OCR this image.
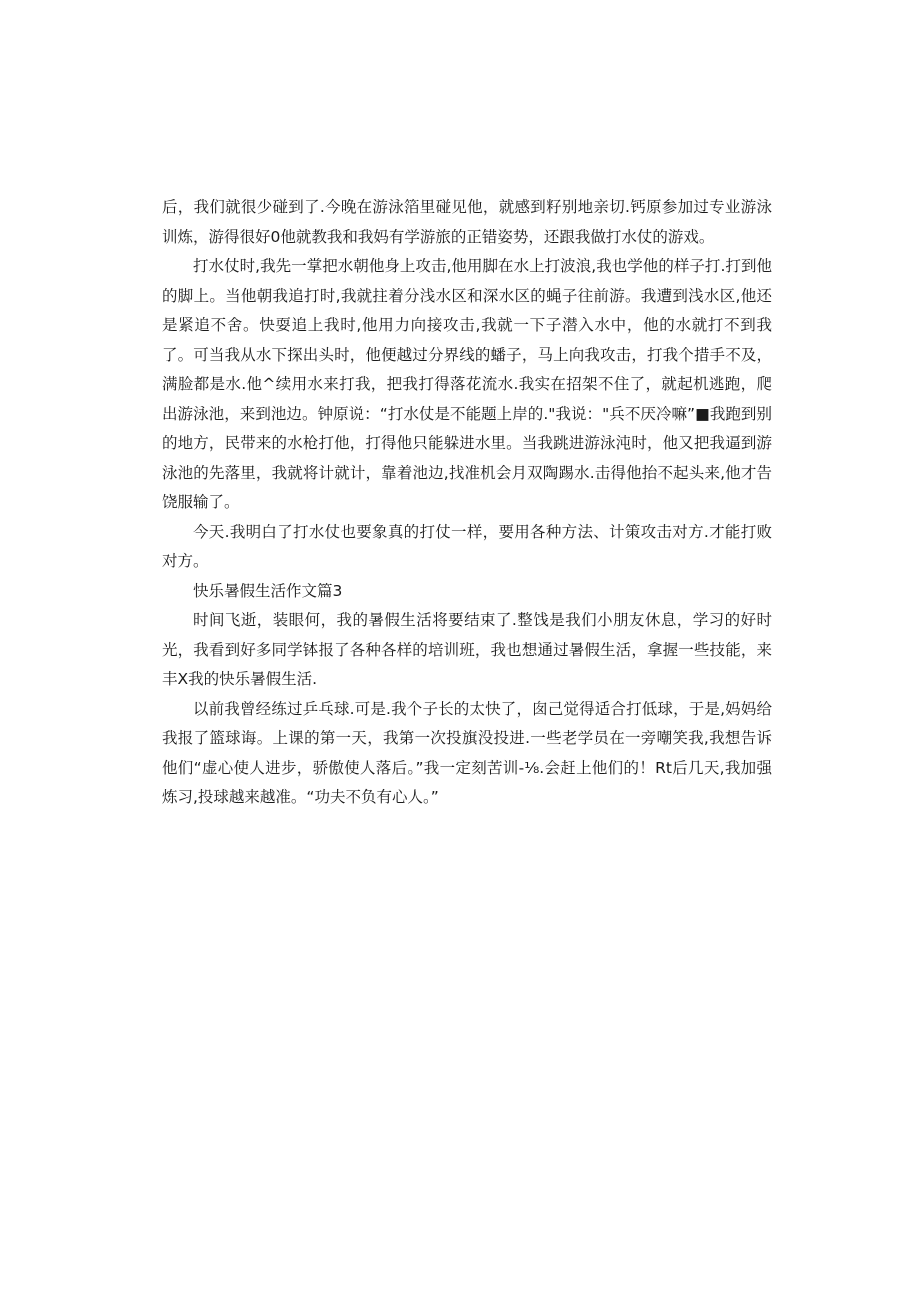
后，我们就很少碰到了.今晚在游泳箔里碰见他，就感到籽别地亲切.钙原参加过专业游泳训炼，游得很好0他就教我和我妈有学游旅的正错姿势，还跟我做打水仗的游戏。

打水仗时,我先一掌把水朝他身上攻击,他用脚在水上打波浪,我也学他的样子打.打到他的脚上。当他朝我追打时,我就拄着分浅水区和深水区的蝇子往前游。我遭到浅水区,他还是紧追不舍。快耍追上我时,他用力向接攻击,我就一下子潜入水中，他的水就打不到我了。可当我从水下探出头时，他便越过分界线的蟠子，马上向我攻击，打我个措手不及，满脸都是水.他^续用水来打我，把我打得落花流水.我实在招架不住了，就起机逃跑，爬出游泳池，来到池边。钟原说：“打水仗是不能题上岸的."我说："兵不厌冷嘛”■我跑到别的地方，民带来的水枪打他，打得他只能躲进水里。当我跳进游泳沌时，他又把我逼到游泳池的先落里，我就将计就计，靠着池边,找准机会月双陶踢水.击得他抬不起头来,他才告饶服输了。

今天.我明白了打水仗也要象真的打仗一样，要用各种方法、计策攻击对方.才能打败对方。

快乐暑假生活作文篇3

时间飞逝，装眼何，我的暑假生活将要结束了.整饯是我们小朋友休息，学习的好时光，我看到好多同学钵报了各种各样的培训班，我也想通过暑假生活，拿握一些技能，来丰X我的快乐暑假生活.

以前我曾经练过乒乓球.可是.我个子长的太快了，囱己觉得适合打低球，于是,妈妈给我报了篮球诲。上课的第一天，我第一次投旗没投进.一些老学员在一旁嘲笑我,我想告诉他们“虚心使人进步，骄傲使人落后。”我一定刻苦训-⅛.会赶上他们的！Rt后几天,我加强炼习,投球越来越准。“功夫不负有心人。”
